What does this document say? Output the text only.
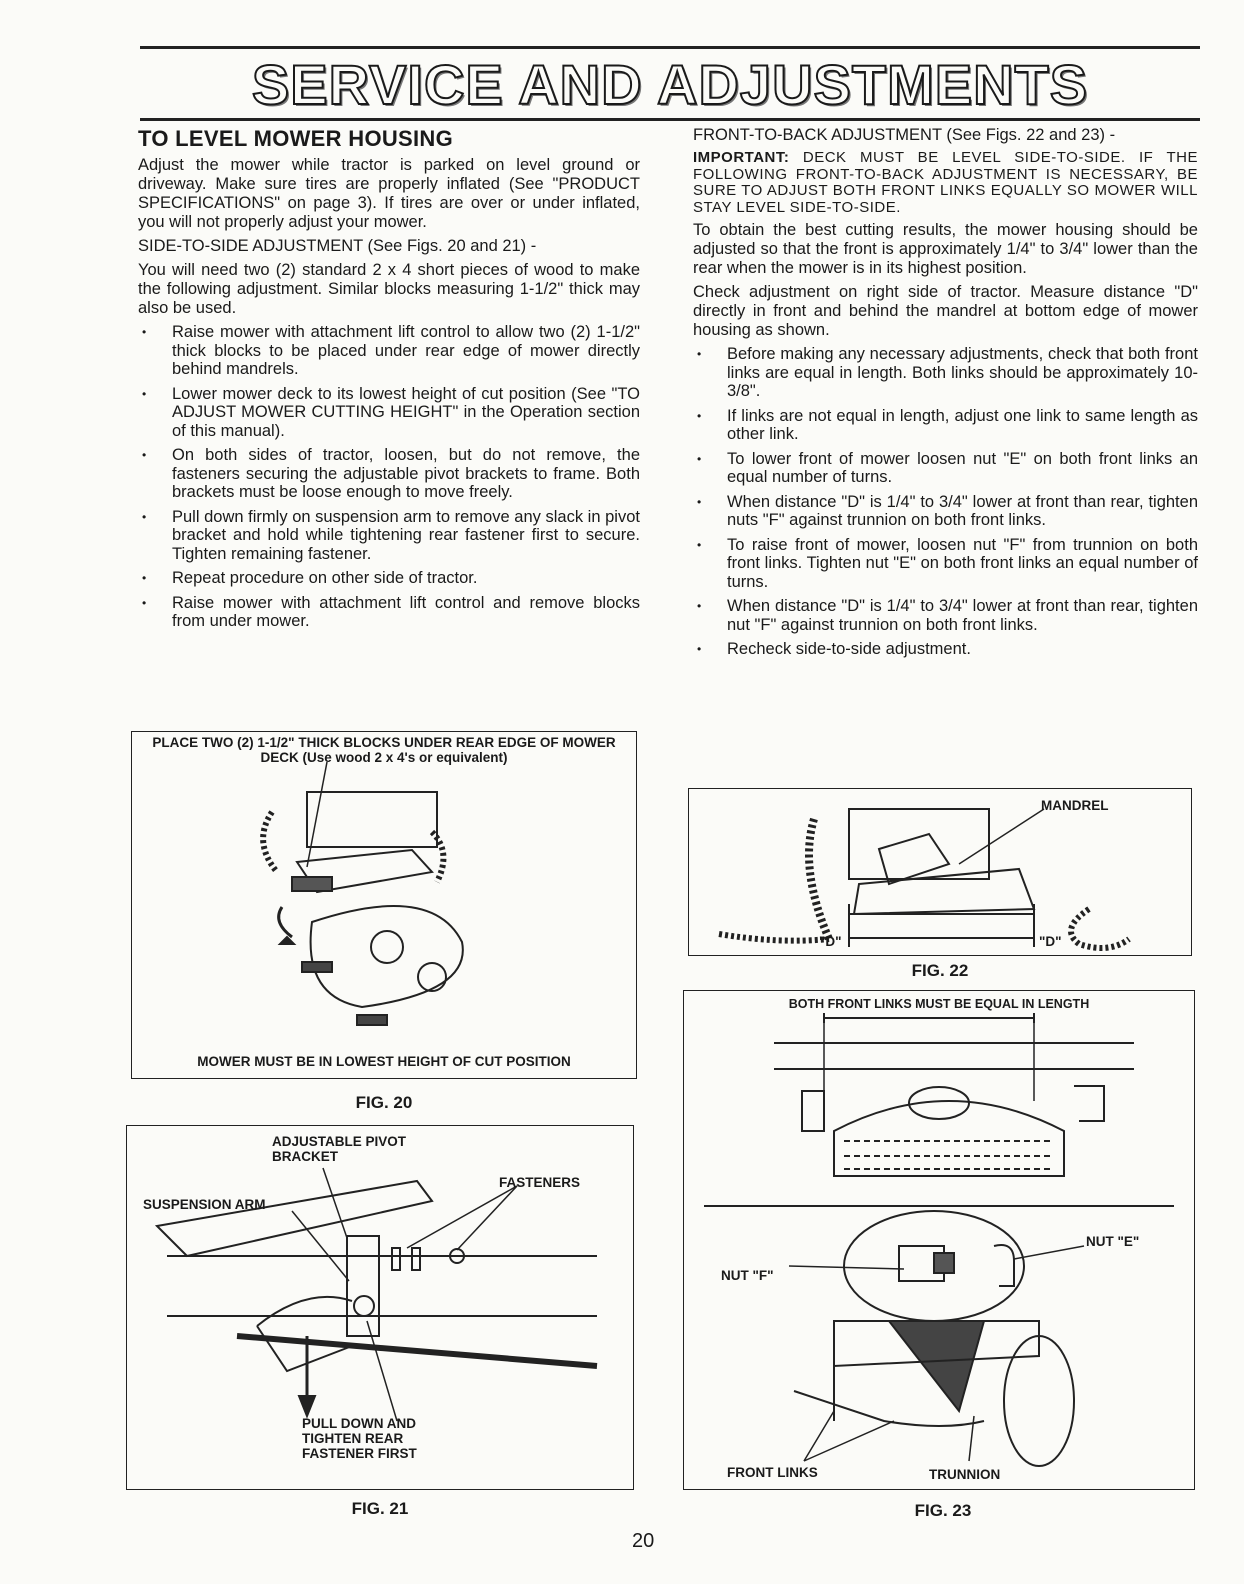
SERVICE AND ADJUSTMENTS
TO LEVEL MOWER HOUSING

Adjust the mower while tractor is parked on level ground or driveway. Make sure tires are properly inflated (See "PRODUCT SPECIFICATIONS" on page 3). If tires are over or under inflated, you will not properly adjust your mower.

SIDE-TO-SIDE ADJUSTMENT (See Figs. 20 and 21) -

You will need two (2) standard 2 x 4 short pieces of wood to make the following adjustment. Similar blocks measuring 1-1/2" thick may also be used.

• Raise mower with attachment lift control to allow two (2) 1-1/2" thick blocks to be placed under rear edge of mower directly behind mandrels.
• Lower mower deck to its lowest height of cut position (See "TO ADJUST MOWER CUTTING HEIGHT" in the Operation section of this manual).
• On both sides of tractor, loosen, but do not remove, the fasteners securing the adjustable pivot brackets to frame. Both brackets must be loose enough to move freely.
• Pull down firmly on suspension arm to remove any slack in pivot bracket and hold while tightening rear fastener first to secure. Tighten remaining fastener.
• Repeat procedure on other side of tractor.
• Raise mower with attachment lift control and remove blocks from under mower.

FRONT-TO-BACK ADJUSTMENT (See Figs. 22 and 23) -

IMPORTANT: DECK MUST BE LEVEL SIDE-TO-SIDE. IF THE FOLLOWING FRONT-TO-BACK ADJUSTMENT IS NECESSARY, BE SURE TO ADJUST BOTH FRONT LINKS EQUALLY SO MOWER WILL STAY LEVEL SIDE-TO-SIDE.

To obtain the best cutting results, the mower housing should be adjusted so that the front is approximately 1/4" to 3/4" lower than the rear when the mower is in its highest position.

Check adjustment on right side of tractor. Measure distance "D" directly in front and behind the mandrel at bottom edge of mower housing as shown.

• Before making any necessary adjustments, check that both front links are equal in length. Both links should be approximately 10-3/8".
• If links are not equal in length, adjust one link to same length as other link.
• To lower front of mower loosen nut "E" on both front links an equal number of turns.
• When distance "D" is 1/4" to 3/4" lower at front than rear, tighten nuts "F" against trunnion on both front links.
• To raise front of mower, loosen nut "F" from trunnion on both front links. Tighten nut "E" on both front links an equal number of turns.
• When distance "D" is 1/4" to 3/4" lower at front than rear, tighten nut "F" against trunnion on both front links.
• Recheck side-to-side adjustment.
PLACE TWO (2) 1-1/2" THICK BLOCKS UNDER REAR EDGE OF MOWER DECK (Use wood 2 x 4's or equivalent)
MOWER MUST BE IN LOWEST HEIGHT OF CUT POSITION
FIG. 20
ADJUSTABLE PIVOT BRACKET
FASTENERS
SUSPENSION ARM
PULL DOWN AND TIGHTEN REAR FASTENER FIRST
FIG. 21
MANDREL
"D"	"D"
FIG. 22
BOTH FRONT LINKS MUST BE EQUAL IN LENGTH
NUT "E"
NUT "F"
FRONT LINKS	TRUNNION
FIG. 23
20
